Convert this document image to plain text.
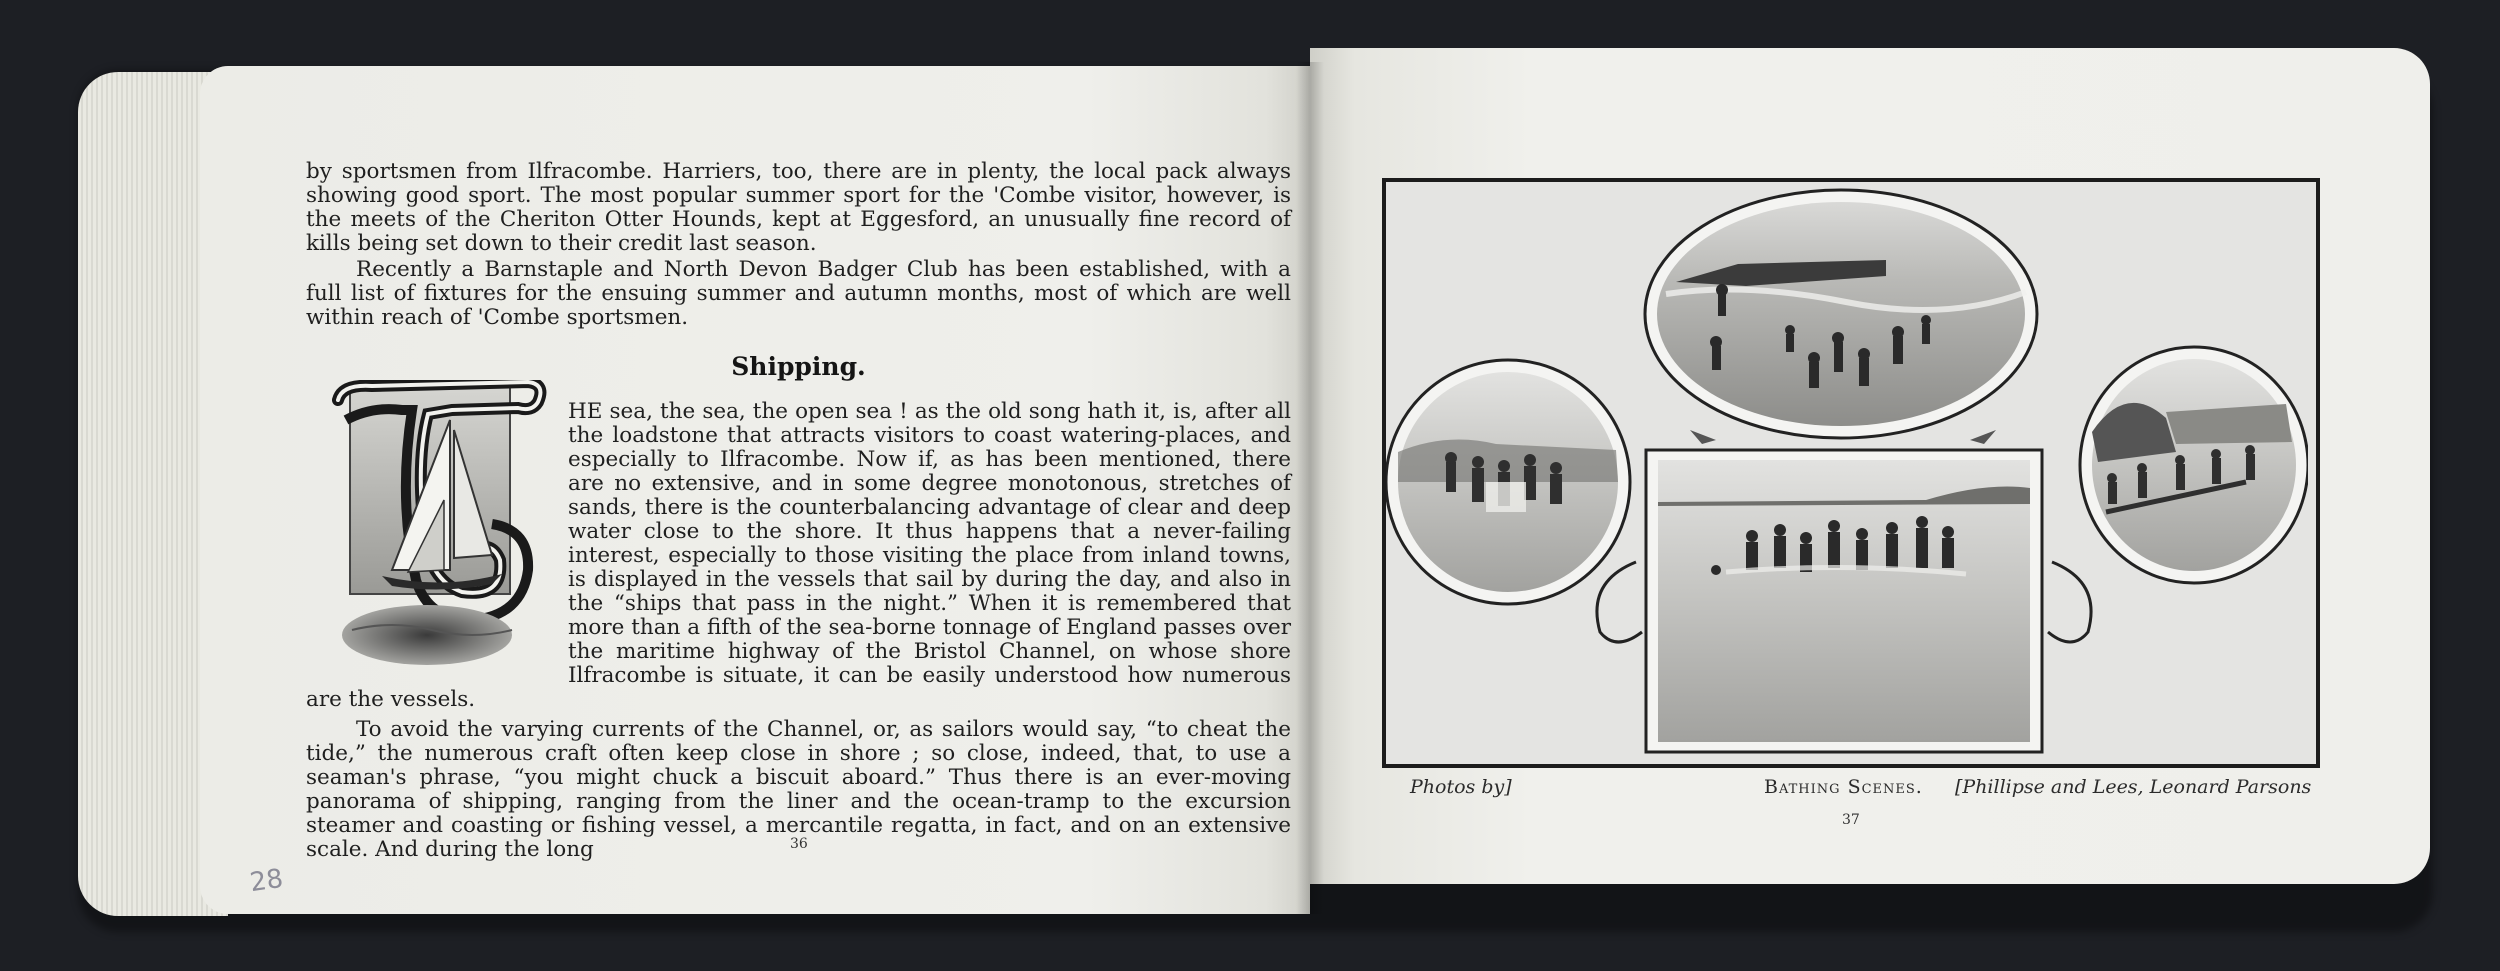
by sportsmen from Ilfracombe. Harriers, too, there are in plenty, the local pack always showing good sport. The most popular summer sport for the 'Combe visitor, however, is the meets of the Cheriton Otter Hounds, kept at Eggesford, an unusually fine record of kills being set down to their credit last season.

Recently a Barnstaple and North Devon Badger Club has been established, with a full list of fixtures for the ensuing summer and autumn months, most of which are well within reach of 'Combe sportsmen.

Shipping.

HE sea, the sea, the open sea ! as the old song hath it, is, after all the loadstone that attracts visitors to coast watering-places, and especially to Ilfracombe. Now if, as has been mentioned, there are no extensive, and in some degree monotonous, stretches of sands, there is the counterbalancing advantage of clear and deep water close to the shore. It thus happens that a never-failing interest, especially to those visiting the place from inland towns, is displayed in the vessels that sail by during the day, and also in the “ships that pass in the night.” When it is remembered that more than a fifth of the sea-borne tonnage of England passes over the maritime highway of the Bristol Channel, on whose shore Ilfracombe is situate, it can be easily understood how numerous are the vessels.

To avoid the varying currents of the Channel, or, as sailors would say, “to cheat the tide,” the numerous craft often keep close in shore ; so close, indeed, that, to use a seaman's phrase, “you might chuck a biscuit aboard.” Thus there is an ever-moving panorama of shipping, ranging from the liner and the ocean-tramp to the excursion steamer and coasting or fishing vessel, a mercantile regatta, in fact, and on an extensive scale. And during the long	36
28
Photos by]	Bathing Scenes. [Phillipse and Lees, Leonard Parsons
37
